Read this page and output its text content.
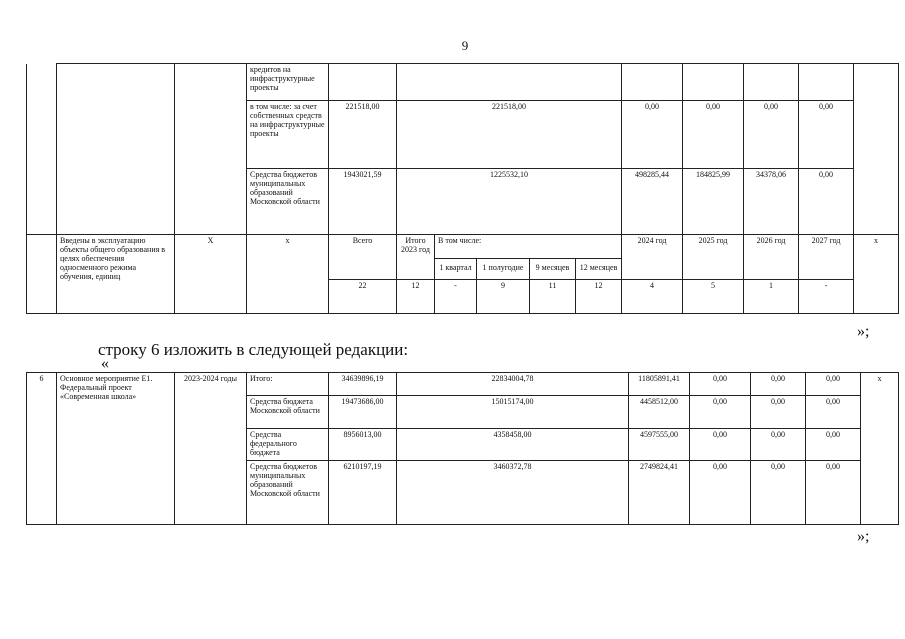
9
			кредитов на инфраструктурные проекты											
			в том числе: за счет собственных средств на инфраструктурные проекты	221518,00	221518,00					0,00	0,00	0,00	0,00	
			Средства бюджетов муниципальных образований Московской области	1943021,59	1225532,10					498285,44	184825,99	34378,06	0,00	
	Введены в эксплуатацию объекты общего образования в целях обеспечения односменного режима обучения, единиц	Х	х	Всего	Итого 2023 год	В том числе:				2024 год	2025 год	2026 год	2027 год	х
						1 квартал	1 полугодие	9 месяцев	12 месяцев					
				22	12	-	9	11	12	4	5	1	-	
»;
строку 6 изложить в следующей редакции:
«
6	Основное мероприятие Е1. Федеральный проект «Современная школа»	2023-2024 годы	Итого:	34639896,19	22834004,78	11805891,41	0,00	0,00	0,00	х
			Средства бюджета Московской области	19473686,00	15015174,00	4458512,00	0,00	0,00	0,00	
			Средства федерального бюджета	8956013,00	4358458,00	4597555,00	0,00	0,00	0,00	
			Средства бюджетов муниципальных образований Московской области	6210197,19	3460372,78	2749824,41	0,00	0,00	0,00	
»;
